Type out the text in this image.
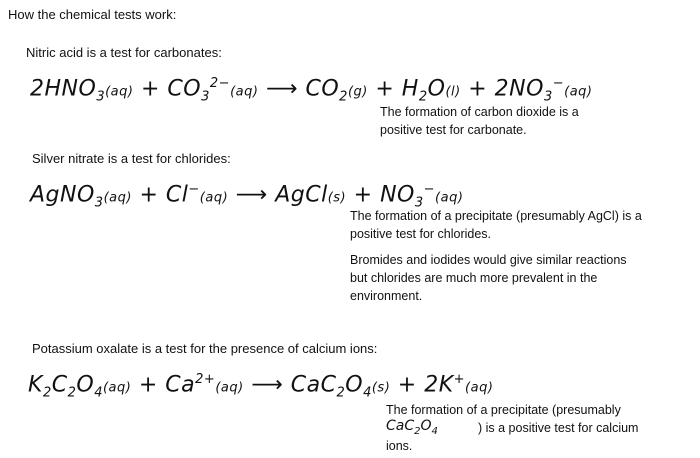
How the chemical tests work:
Nitric acid is a test for carbonates:
$2HNO_3(aq) + CO_3^{2-}(aq)$ ⟶ $CO_2(g) + H_2O(l) + 2NO_3^-(aq)$
The formation of carbon dioxide is a
positive test for carbonate.
Silver nitrate is a test for chlorides:
AgNO$_3$(aq) + Cl−(aq) ⟶ AgCl(s) + $NO_3^-(aq)$
The formation of a precipitate (presumably AgCl) is a
positive test for chlorides.
Bromides and iodides would give similar reactions
but chlorides are much more prevalent in the
environment.
Potassium oxalate is a test for the presence of calcium ions:
$K_2C_2O_4(aq) + Ca^{2+}(aq)$ ⟶ $CaC_2O_4(s) + 2K^+(aq)$
The formation of a precipitate (presumably
$CaC_2O_4$	) is a positive test for calcium
ions.
